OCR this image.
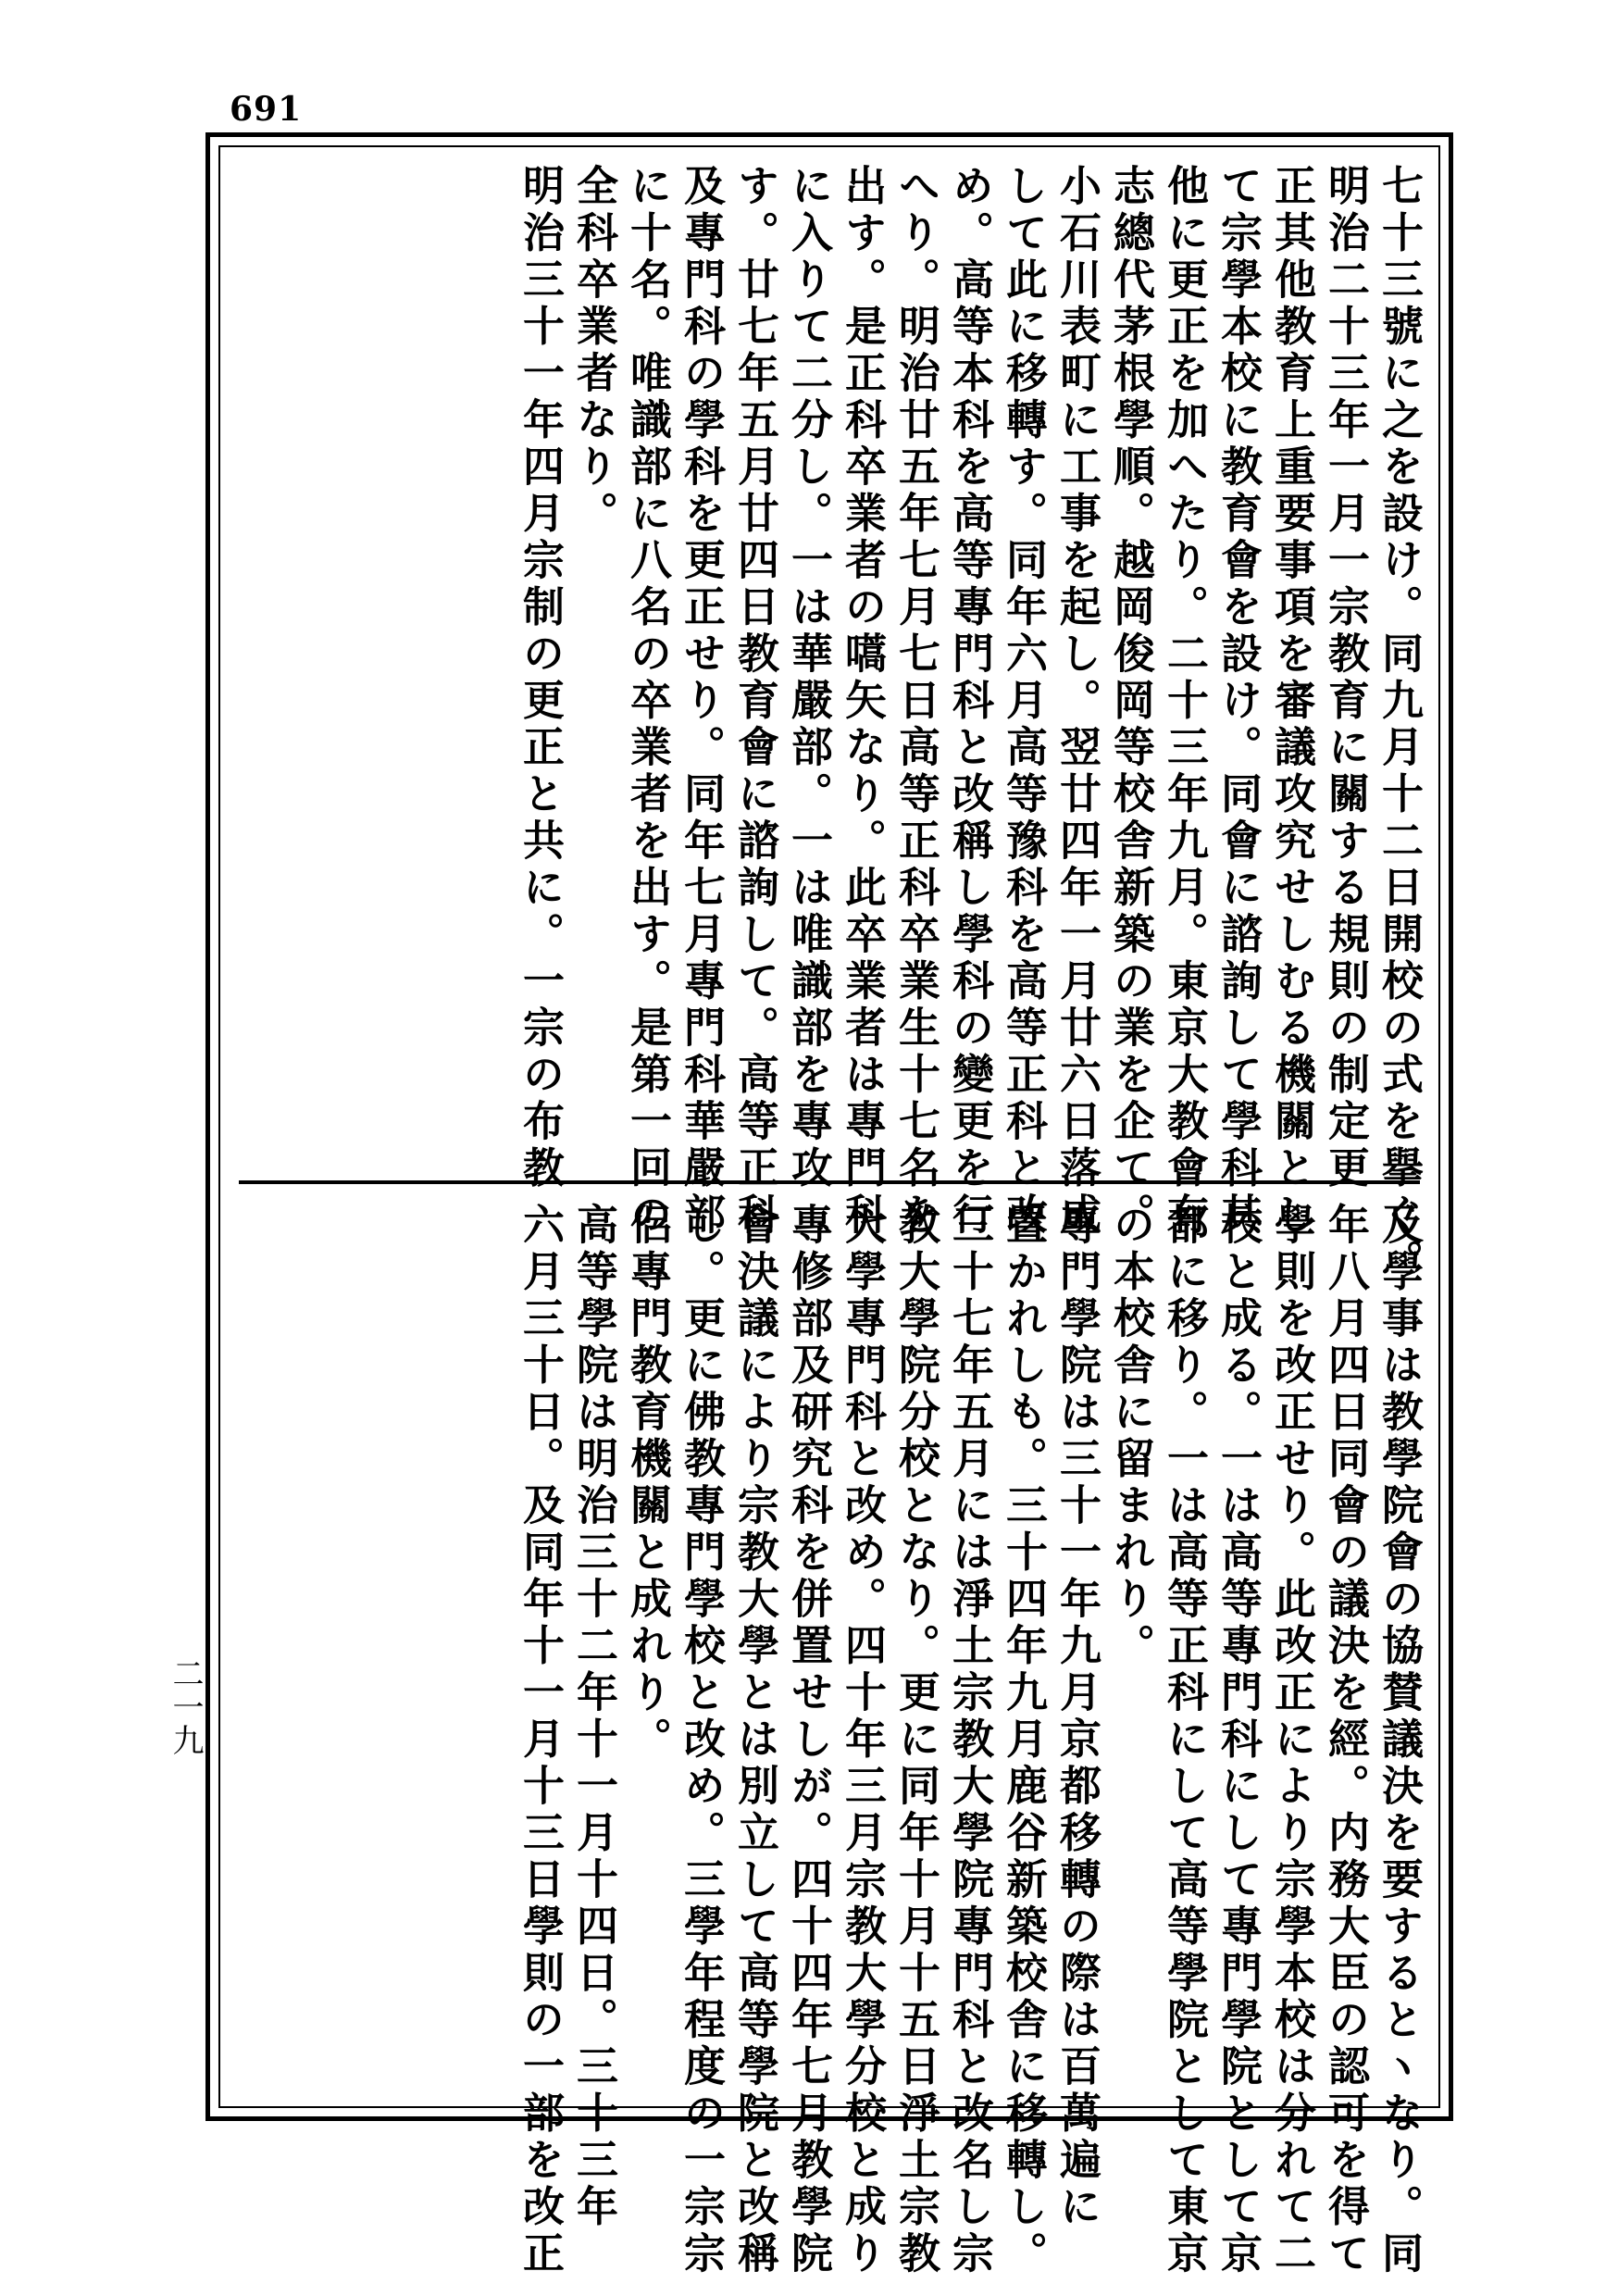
691
二一九
七十三號に之を設け。同九月十二日開校の式を擧ぐ。
明治二十三年一月一宗教育に關する規則の制定更
正其他教育上重要事項を審議攻究せしむる機關とし
て宗學本校に教育會を設け。同會に諮詢して學科其
他に更正を加へたり。二十三年九月。東京大教會有
志總代茅根學順。越岡俊岡等校舎新築の業を企て。
小石川表町に工事を起し。翌廿四年一月廿六日落成
して此に移轉す。同年六月高等豫科を高等正科と改
め。高等本科を高等專門科と改稱し學科の變更を行
へり。明治廿五年七月七日高等正科卒業生十七名を
出す。是正科卒業者の嚆矢なり。此卒業者は專門科
に入りて二分し。一は華嚴部。一は唯識部を專攻
す。廿七年五月廿四日教育會に諮詢して。高等正科
及專門科の學科を更正せり。同年七月專門科華嚴部
に十名。唯識部に八名の卒業者を出す。是第一回の
全科卒業者なり。
明治三十一年四月宗制の更正と共に。一宗の布教
及學事は教學院會の協賛議決を要するとヽなり。同
年八月四日同會の議決を經。内務大臣の認可を得て
學則を改正せり。此改正により宗學本校は分れて二
校と成る。一は高等專門科にして專門學院として京
都に移り。一は高等正科にして高等學院として東京
の本校舎に留まれり。
專門學院は三十一年九月京都移轉の際は百萬遍に
置かれしも。三十四年九月鹿谷新築校舎に移轉し。
三十七年五月には淨土宗教大學院專門科と改名し宗
教大學院分校となり。更に同年十月十五日淨土宗教
大學專門科と改め。四十年三月宗教大學分校と成り
專修部及研究科を併置せしが。四十四年七月教學院
會決議により宗教大學とは別立して高等學院と改稱
し。更に佛教專門學校と改め。三學年程度の一宗宗
侶專門教育機關と成れり。
高等學院は明治三十二年十一月十四日。三十三年
六月三十日。及同年十一月十三日學則の一部を改正
